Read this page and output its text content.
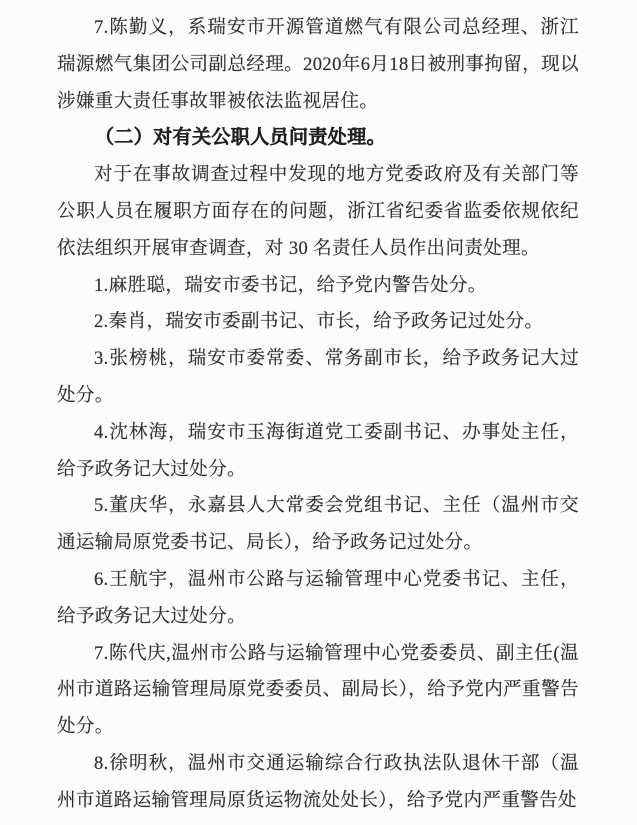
7.陈勤义，系瑞安市开源管道燃气有限公司总经理、浙江瑞源燃气集团公司副总经理。2020年6月18日被刑事拘留，现以涉嫌重大责任事故罪被依法监视居住。

（二）对有关公职人员问责处理。

对于在事故调查过程中发现的地方党委政府及有关部门等公职人员在履职方面存在的问题，浙江省纪委省监委依规依纪依法组织开展审查调查，对 30 名责任人员作出问责处理。

1.麻胜聪，瑞安市委书记，给予党内警告处分。

2.秦肖，瑞安市委副书记、市长，给予政务记过处分。

3.张榜桃，瑞安市委常委、常务副市长，给予政务记大过处分。

4.沈林海，瑞安市玉海街道党工委副书记、办事处主任，给予政务记大过处分。

5.董庆华，永嘉县人大常委会党组书记、主任（温州市交通运输局原党委书记、局长），给予政务记过处分。

6.王航宇，温州市公路与运输管理中心党委书记、主任，给予政务记大过处分。

7.陈代庆,温州市公路与运输管理中心党委委员、副主任(温州市道路运输管理局原党委委员、副局长），给予党内严重警告处分。

8.徐明秋，温州市交通运输综合行政执法队退休干部（温州市道路运输管理局原货运物流处处长），给予党内严重警告处
